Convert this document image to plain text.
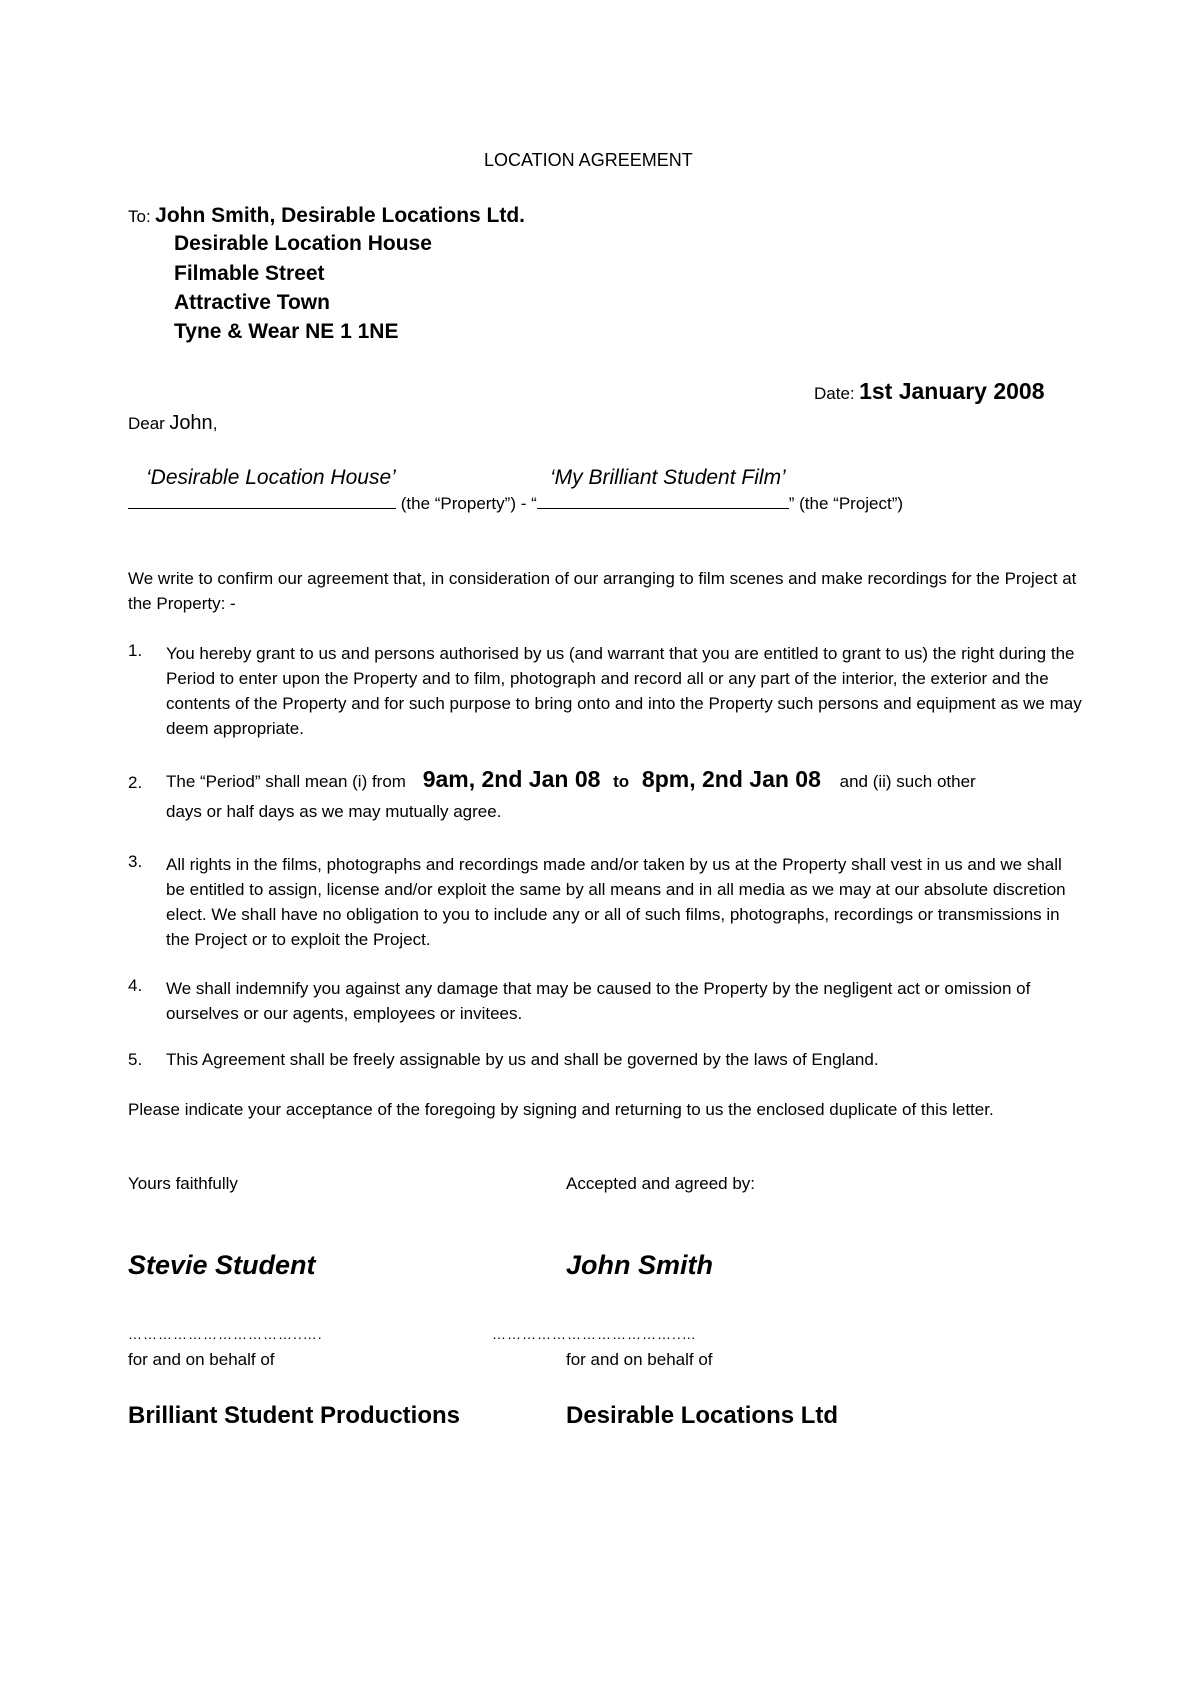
LOCATION AGREEMENT
To: John Smith, Desirable Locations Ltd.
Desirable Location House
Filmable Street
Attractive Town
Tyne & Wear NE 1 1NE
Date: 1st January 2008
Dear John,
‘Desirable Location House’	‘My Brilliant Student Film’
(the “Property”) - “	” (the “Project”)
We write to confirm our agreement that, in consideration of our arranging to film scenes and make recordings for the Project at the Property: -
1. You hereby grant to us and persons authorised by us (and warrant that you are entitled to grant to us) the right during the Period to enter upon the Property and to film, photograph and record all or any part of the interior, the exterior and the contents of the Property and for such purpose to bring onto and into the Property such persons and equipment as we may deem appropriate.
2. The “Period” shall mean (i) from 9am, 2nd Jan 08 to 8pm, 2nd Jan 08 and (ii) such other
days or half days as we may mutually agree.
3. All rights in the films, photographs and recordings made and/or taken by us at the Property shall vest in us and we shall be entitled to assign, license and/or exploit the same by all means and in all media as we may at our absolute discretion elect. We shall have no obligation to you to include any or all of such films, photographs, recordings or transmissions in the Project or to exploit the Project.
4. We shall indemnify you against any damage that may be caused to the Property by the negligent act or omission of ourselves or our agents, employees or invitees.
5. This Agreement shall be freely assignable by us and shall be governed by the laws of England.
Please indicate your acceptance of the foregoing by signing and returning to us the enclosed duplicate of this letter.
Yours faithfully	Accepted and agreed by:
Stevie Student	John Smith
……………………………..….	………………………………..…
for and on behalf of	for and on behalf of
Brilliant Student Productions	Desirable Locations Ltd
